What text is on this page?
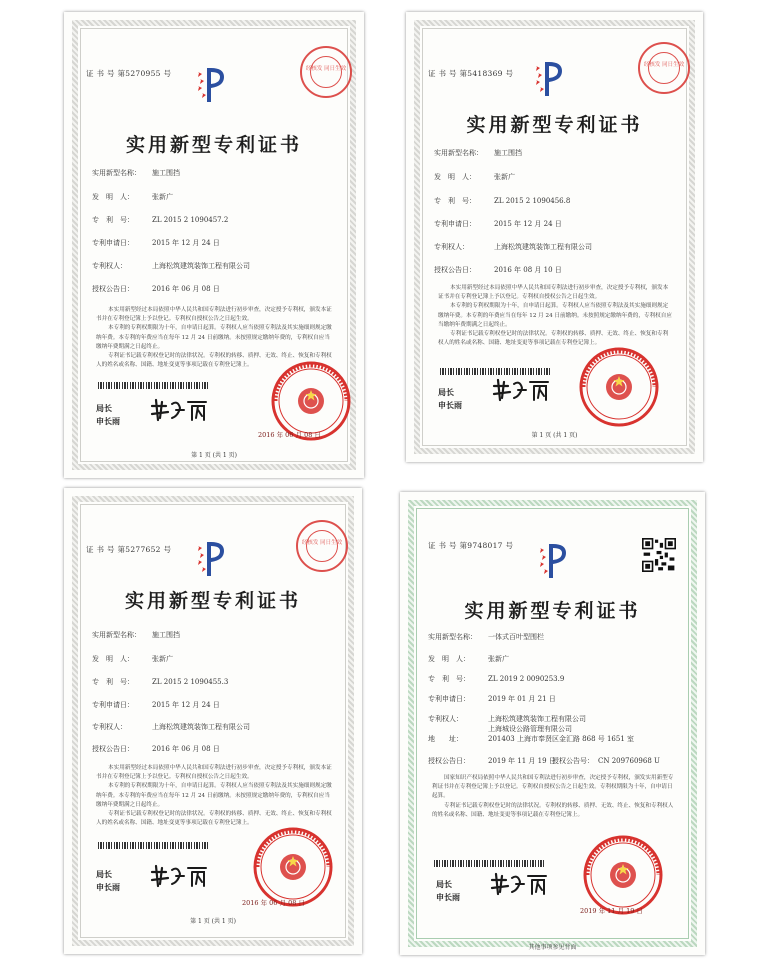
证 书 号 第5270955 号	经核发 同日生效
实用新型专利证书
实用新型名称： 施工围挡
发　明　人：	张新广
专　利　号：	ZL 2015 2 1090457.2
专利申请日：	2015 年 12 月 24 日
专利权人：	上海松筑建筑装饰工程有限公司
授权公告日：	2016 年 06 月 08 日

本实用新型经过本局依照中华人民共和国专利法进行初步审查，决定授予专利权，颁发本证书并在专利登记簿上予以登记。专利权自授权公告之日起生效。

本专利的专利权期限为十年，自申请日起算。专利权人应当依照专利法及其实施细则规定缴纳年费。本专利的年费应当在每年 12 月 24 日前缴纳。未按照规定缴纳年费的，专利权自应当缴纳年费期满之日起终止。

专利证书记载专利权登记时的法律状况。专利权的转移、质押、无效、终止、恢复和专利权人的姓名或名称、国籍、地址变更等事项记载在专利登记簿上。

局长
申长雨
2016 年 06 月 08 日
第 1 页 (共 1 页)
证 书 号 第5418369 号
经核发 同日生效
实用新型专利证书
实用新型名称： 施工围挡
发　明　人：	张新广
专　利　号：	ZL 2015 2 1090456.8
专利申请日：	2015 年 12 月 24 日
专利权人：	上海松筑建筑装饰工程有限公司
授权公告日：	2016 年 08 月 10 日

本实用新型经过本局依照中华人民共和国专利法进行初步审查，决定授予专利权，颁发本证书并在专利登记簿上予以登记。专利权自授权公告之日起生效。

本专利的专利权期限为十年，自申请日起算。专利权人应当依照专利法及其实施细则规定缴纳年费。本专利的年费应当在每年 12 月 24 日前缴纳。未按照规定缴纳年费的，专利权自应当缴纳年费期满之日起终止。

专利证书记载专利权登记时的法律状况。专利权的转移、质押、无效、终止、恢复和专利权人的姓名或名称、国籍、地址变更等事项记载在专利登记簿上。

局长
申长雨
第 1 页 (共 1 页)
证 书 号 第5277652 号
经核发 同日生效
实用新型专利证书
实用新型名称： 施工围挡
发　明　人：	张新广
专　利　号：	ZL 2015 2 1090455.3
专利申请日：	2015 年 12 月 24 日
专利权人：	上海松筑建筑装饰工程有限公司
授权公告日：	2016 年 06 月 08 日

本实用新型经过本局依照中华人民共和国专利法进行初步审查，决定授予专利权，颁发本证书并在专利登记簿上予以登记。专利权自授权公告之日起生效。

本专利的专利权期限为十年，自申请日起算。专利权人应当依照专利法及其实施细则规定缴纳年费。本专利的年费应当在每年 12 月 24 日前缴纳。未按照规定缴纳年费的，专利权自应当缴纳年费期满之日起终止。

专利证书记载专利权登记时的法律状况。专利权的转移、质押、无效、终止、恢复和专利权人的姓名或名称、国籍、地址变更等事项记载在专利登记簿上。

局长
申长雨
2016 年 06 月 08 日
第 1 页 (共 1 页)
证 书 号 第9748017 号
实用新型专利证书
实用新型名称： 一体式百叶型围栏
发　明　人：	张新广
专　利　号：	ZL 2019 2 0090253.9
专利申请日：	2019 年 01 月 21 日
专利权人：	上海松筑建筑装饰工程有限公司
上海城设公路管理有限公司
地　　址：	201403 上海市奉贤区金汇路 868 号 1651 室
授权公告日：	2019 年 11 月 19 日
授权公告号： CN 209760968 U

国家知识产权局依照中华人民共和国专利法进行初步审查，决定授予专利权，颁发实用新型专利证书并在专利登记簿上予以登记。专利权自授权公告之日起生效。专利权期限为十年，自申请日起算。

专利证书记载专利权登记时的法律状况。专利权的转移、质押、无效、终止、恢复和专利权人的姓名或名称、国籍、地址变更等事项记载在专利登记簿上。

局长
申长雨
2019 年 11 月 19 日
其他事项参见背面
